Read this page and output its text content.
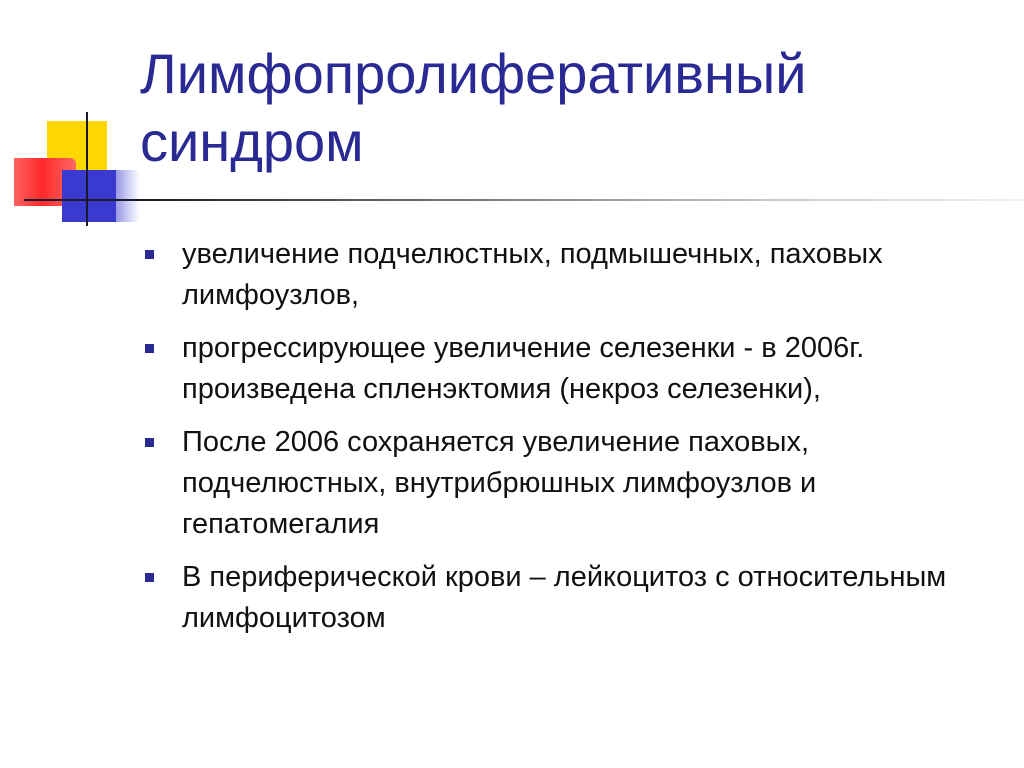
Лимфопролиферативный синдром
увеличение подчелюстных, подмышечных, паховых лимфоузлов,
прогрессирующее увеличение селезенки - в 2006г. произведена спленэктомия (некроз селезенки),
После 2006 сохраняется увеличение паховых, подчелюстных, внутрибрюшных лимфоузлов и гепатомегалия
В периферической крови – лейкоцитоз с относительным лимфоцитозом
